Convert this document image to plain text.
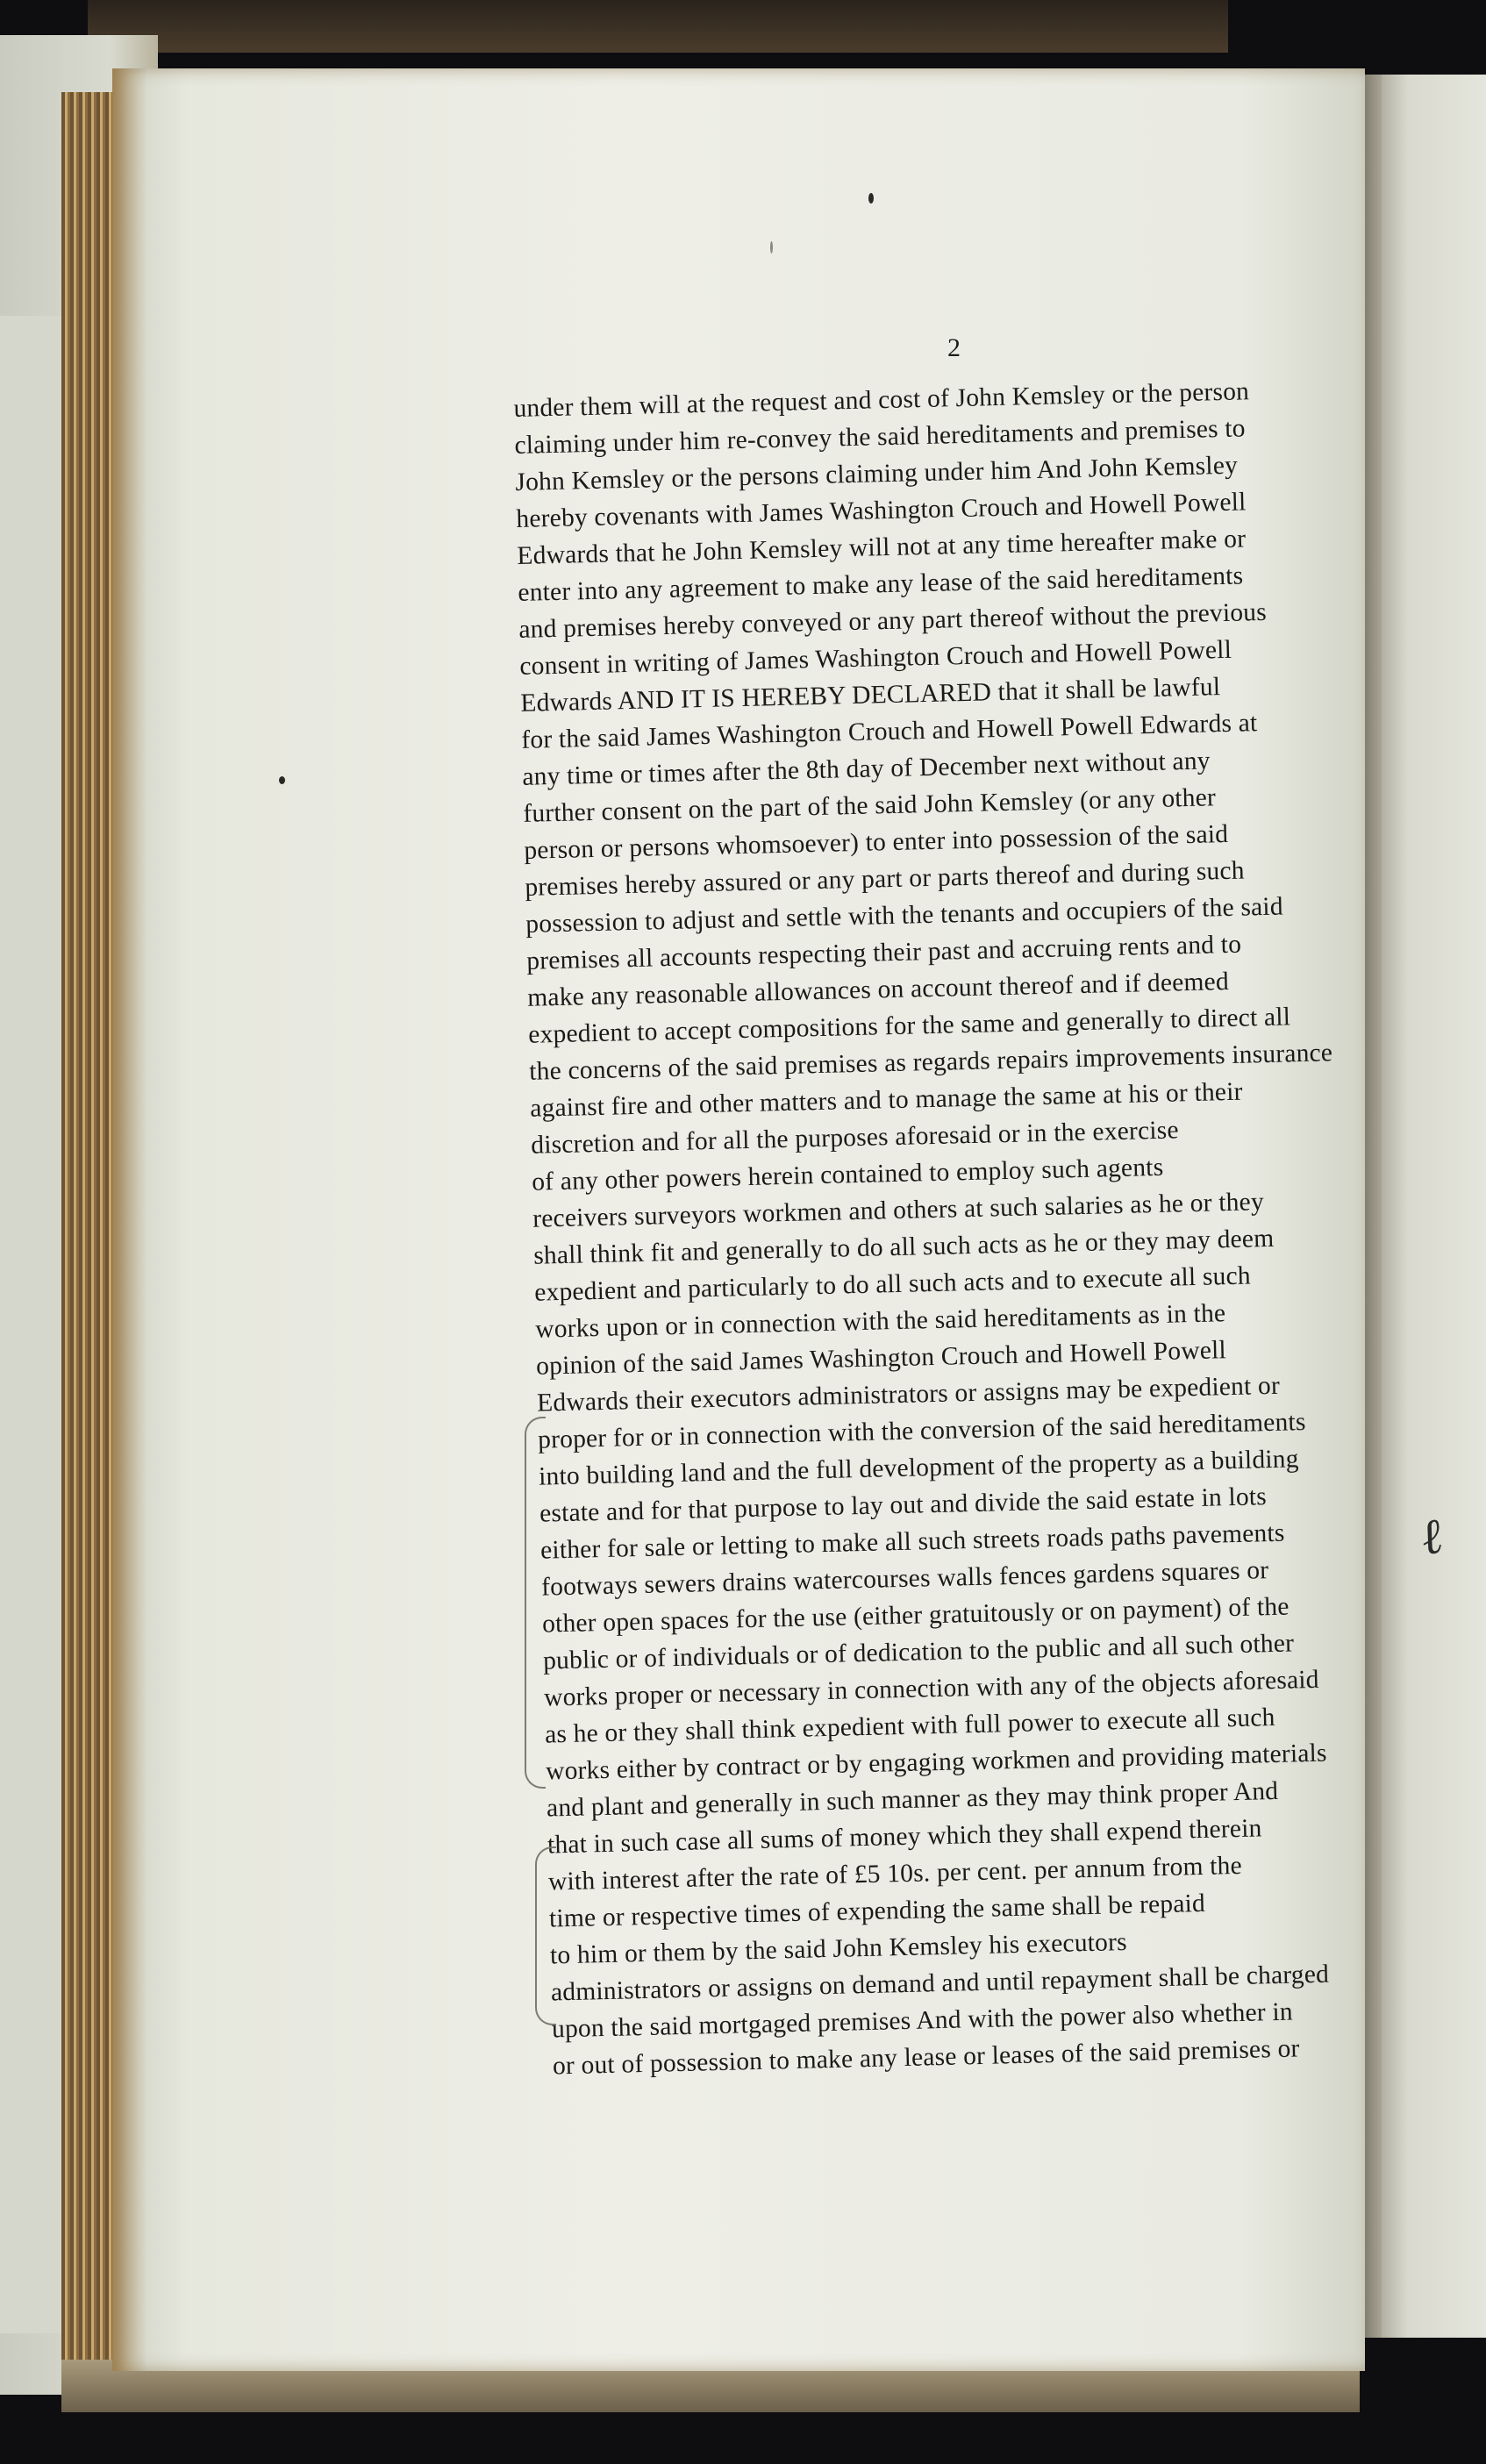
2
under them will at the request and cost of John Kemsley or the person
claiming under him re-convey the said hereditaments and premises to
John Kemsley or the persons claiming under him And John Kemsley
hereby covenants with James Washington Crouch and Howell Powell
Edwards that he John Kemsley will not at any time hereafter make or
enter into any agreement to make any lease of the said hereditaments
and premises hereby conveyed or any part thereof without the previous
consent in writing of James Washington Crouch and Howell Powell
Edwards AND IT IS HEREBY DECLARED that it shall be lawful
for the said James Washington Crouch and Howell Powell Edwards at
any time or times after the 8th day of December next without any
further consent on the part of the said John Kemsley (or any other
person or persons whomsoever) to enter into possession of the said
premises hereby assured or any part or parts thereof and during such
possession to adjust and settle with the tenants and occupiers of the said
premises all accounts respecting their past and accruing rents and to
make any reasonable allowances on account thereof and if deemed
expedient to accept compositions for the same and generally to direct all
the concerns of the said premises as regards repairs improvements insurance
against fire and other matters and to manage the same at his or their
discretion and for all the purposes aforesaid or in the exercise
of any other powers herein contained to employ such agents
receivers surveyors workmen and others at such salaries as he or they
shall think fit and generally to do all such acts as he or they may deem
expedient and particularly to do all such acts and to execute all such
works upon or in connection with the said hereditaments as in the
opinion of the said James Washington Crouch and Howell Powell
Edwards their executors administrators or assigns may be expedient or
proper for or in connection with the conversion of the said hereditaments
into building land and the full development of the property as a building
estate and for that purpose to lay out and divide the said estate in lots
either for sale or letting to make all such streets roads paths pavements
footways sewers drains watercourses walls fences gardens squares or
other open spaces for the use (either gratuitously or on payment) of the
public or of individuals or of dedication to the public and all such other
works proper or necessary in connection with any of the objects aforesaid
as he or they shall think expedient with full power to execute all such
works either by contract or by engaging workmen and providing materials
and plant and generally in such manner as they may think proper And
that in such case all sums of money which they shall expend therein
with interest after the rate of £5 10s. per cent. per annum from the
time or respective times of expending the same shall be repaid
to him or them by the said John Kemsley his executors
administrators or assigns on demand and until repayment shall be charged
upon the said mortgaged premises And with the power also whether in
or out of possession to make any lease or leases of the said premises or
ℓ
